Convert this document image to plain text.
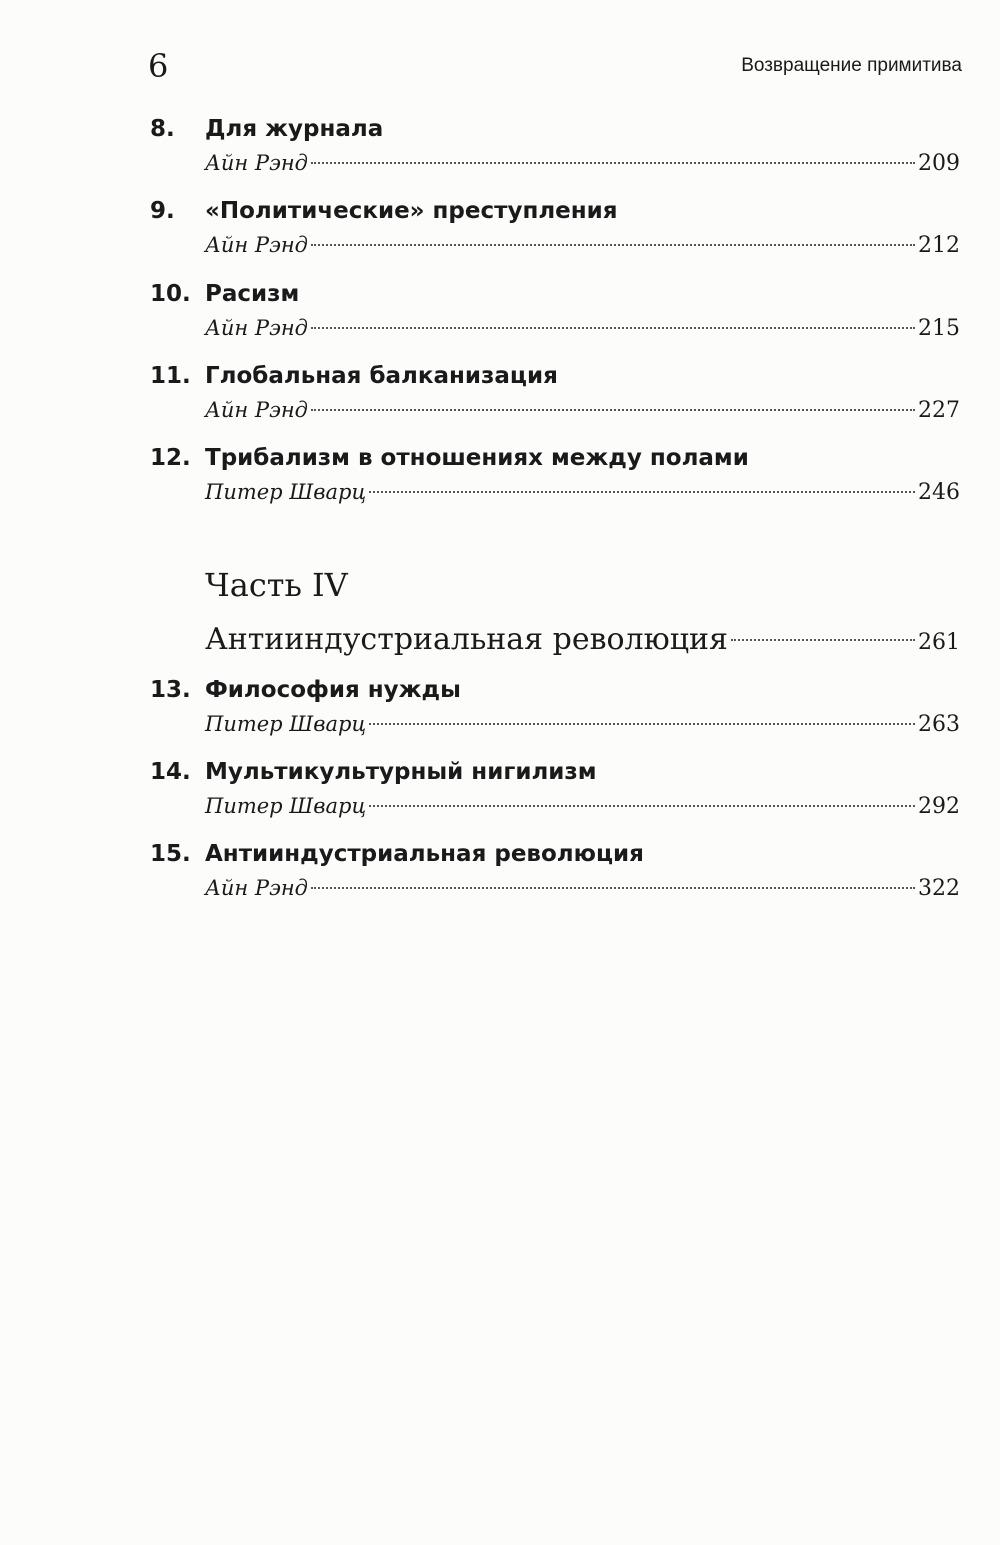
6	Возвращение примитива
8. Для журнала
Айн Рэнд	209
9. «Политические» преступления
Айн Рэнд	212
10. Расизм
Айн Рэнд	215
11. Глобальная балканизация
Айн Рэнд	227
12. Трибализм в отношениях между полами
Питер Шварц	246
Часть IV
Антииндустриальная революция	261
13. Философия нужды
Питер Шварц	263
14. Мультикультурный нигилизм
Питер Шварц	292
15. Антииндустриальная революция
Айн Рэнд	322
